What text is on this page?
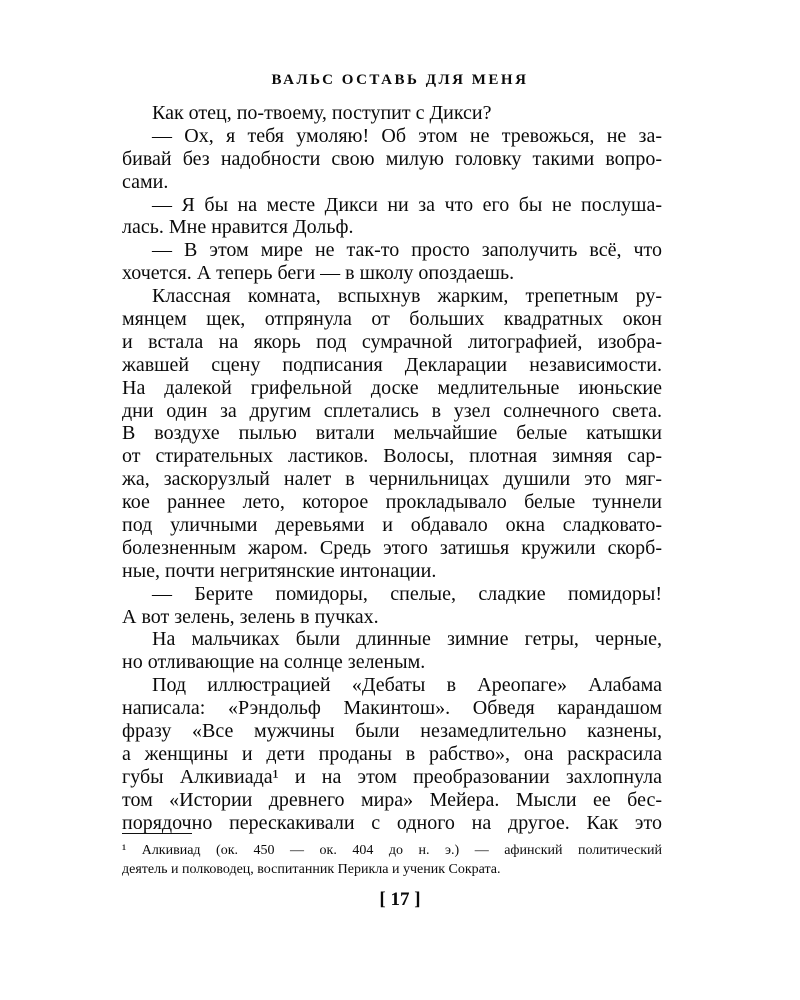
ВАЛЬС ОСТАВЬ ДЛЯ МЕНЯ
Как отец, по-твоему, поступит с Дикси?
— Ох, я тебя умоляю! Об этом не тревожься, не за-
бивай без надобности свою милую головку такими вопро-
сами.
— Я бы на месте Дикси ни за что его бы не послуша-
лась. Мне нравится Дольф.
— В этом мире не так-то просто заполучить всё, что
хочется. А теперь беги — в школу опоздаешь.
Классная комната, вспыхнув жарким, трепетным ру-
мянцем щек, отпрянула от больших квадратных окон
и встала на якорь под сумрачной литографией, изобра-
жавшей сцену подписания Декларации независимости.
На далекой грифельной доске медлительные июньские
дни один за другим сплетались в узел солнечного света.
В воздухе пылью витали мельчайшие белые катышки
от стирательных ластиков. Волосы, плотная зимняя сар-
жа, заскорузлый налет в чернильницах душили это мяг-
кое раннее лето, которое прокладывало белые туннели
под уличными деревьями и обдавало окна сладковато-
болезненным жаром. Средь этого затишья кружили скорб-
ные, почти негритянские интонации.
— Берите помидоры, спелые, сладкие помидоры!
А вот зелень, зелень в пучках.
На мальчиках были длинные зимние гетры, черные,
но отливающие на солнце зеленым.
Под иллюстрацией «Дебаты в Ареопаге» Алабама
написала: «Рэндольф Макинтош». Обведя карандашом
фразу «Все мужчины были незамедлительно казнены,
а женщины и дети проданы в рабство», она раскрасила
губы Алкивиада¹ и на этом преобразовании захлопнула
том «Истории древнего мира» Мейера. Мысли ее бес-
порядочно перескакивали с одного на другое. Как это
¹ Алкивиад (ок. 450 — ок. 404 до н. э.) — афинский политический
деятель и полководец, воспитанник Перикла и ученик Сократа.
[ 17 ]
